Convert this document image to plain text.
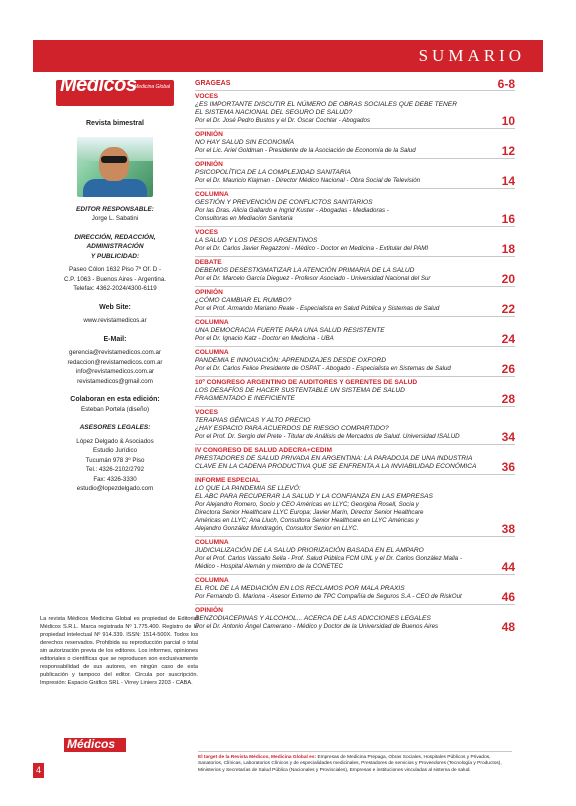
SUMARIO
Médicos
Medicina Global
Revista bimestral
EDITOR RESPONSABLE:
Jorge L. Sabatini
DIRECCIÓN, REDACCIÓN,
ADMINISTRACIÓN
Y PUBLICIDAD:
Paseo Cólon 1632 Piso 7º Of. D -
C.P. 1063 - Buenos Aires - Argentina.
Telefax: 4362-2024/4300-6119
Web Site:
www.revistamedicos.ar
E-Mail:
gerencia@revistamedicos.com.ar
redaccion@revistamedicos.com.ar
info@revistamedicos.com.ar
revistamedicos@gmail.com
Colaboran en esta edición:
Esteban Portela (diseño)
ASESORES LEGALES:
López Delgado & Asociados
Estudio Jurídico
Tucumán 978 3º Piso
Tel.: 4326-2102/2792
Fax: 4326-3330
estudio@lopezdelgado.com
La revista Médicos Medicina Global es propiedad de Editorial Médicos S.R.L. Marca registrada Nº 1.775.400. Registro de la propiedad intelectual Nº 914.339. ISSN: 1514-500X. Todos los derechos reservados. Prohibida su reproducción parcial o total sin autorización previa de los editores. Los informes, opiniones editoriales o científicas que se reproducen son exclusivamente responsabilidad de sus autores, en ningún caso de esta publicación y tampoco del editor. Circula por suscripción. Impresión: Espacio Gráfico SRL - Virrey Liniers 2203 - CABA.
Médicos
4
GRAGEAS	6-8
VOCES
¿ES IMPORTANTE DISCUTIR EL NÚMERO DE OBRAS SOCIALES QUE DEBE TENER
EL SISTEMA NACIONAL DEL SEGURO DE SALUD?
Por el Dr. José Pedro Bustos y el Dr. Oscar Cochlar - Abogados	10
OPINIÓN
NO HAY SALUD SIN ECONOMÍA
Por el Lic. Ariel Goldman - Presidente de la Asociación de Economía de la Salud	12
OPINIÓN
PSICOPOLÍTICA DE LA COMPLEJIDAD SANITARIA
Por el Dr. Mauricio Klajman - Director Médico Nacional - Obra Social de Televisión	14
COLUMNA
GESTIÓN Y PREVENCIÓN DE CONFLICTOS SANITARIOS
Por las Dras. Alicia Gallardo e Ingrid Kuster - Abogadas - Mediadoras -
Consultoras en Mediación Sanitaria	16
VOCES
LA SALUD Y LOS PESOS ARGENTINOS
Por el Dr. Carlos Javier Regazzoni - Médico - Doctor en Medicina - Extitular del PAMI	18
DEBATE
DEBEMOS DESESTIGMATIZAR LA ATENCIÓN PRIMARIA DE LA SALUD
Por el Dr. Marcelo García Dieguez - Profesor Asociado - Universidad Nacional del Sur	20
OPINIÓN
¿CÓMO CAMBIAR EL RUMBO?
Por el Prof. Armando Mariano Reale - Especialista en Salud Pública y Sistemas de Salud	22
COLUMNA
UNA DEMOCRACIA FUERTE PARA UNA SALUD RESISTENTE
Por el Dr. Ignacio Katz - Doctor en Medicina - UBA	24
COLUMNA
PANDEMIA E INNOVACIÓN: APRENDIZAJES DESDE OXFORD
Por el Dr. Carlos Felice Presidente de OSPAT - Abogado - Especialista en Sistemas de Salud	26
10º CONGRESO ARGENTINO DE AUDITORES Y GERENTES DE SALUD
LOS DESAFÍOS DE HACER SUSTENTABLE UN SISTEMA DE SALUD
FRAGMENTADO E INEFICIENTE	28
VOCES
TERAPIAS GÉNICAS Y ALTO PRECIO
¿HAY ESPACIO PARA ACUERDOS DE RIESGO COMPARTIDO?
Por el Prof. Dr. Sergio del Prete - Titular de Análisis de Mercados de Salud. Universidad ISALUD	34
IV CONGRESO DE SALUD ADECRA+CEDIM
PRESTADORES DE SALUD PRIVADA EN ARGENTINA: LA PARADOJA DE UNA INDUSTRIA
CLAVE EN LA CADENA PRODUCTIVA QUE SE ENFRENTA A LA INVIABILIDAD ECONÓMICA	36
INFORME ESPECIAL
LO QUE LA PANDEMIA SE LLEVÓ:
EL ABC PARA RECUPERAR LA SALUD Y LA CONFIANZA EN LAS EMPRESAS
Por Alejandro Romero, Socio y CEO Américas en LLYC; Georgina Rosell, Socia y
Directora Senior Healthcare LLYC Europa; Javier Marín, Director Senior Healthcare
Américas en LLYC; Ana Lluch, Consultora Senior Healthcare en LLYC Américas y
Alejandro González Mondragón, Consultor Senior en LLYC.	38
COLUMNA
JUDICIALIZACIÓN DE LA SALUD PRIORIZACIÓN BASADA EN EL AMPARO
Por el Prof. Carlos Vassallo Sella - Prof. Salud Pública FCM UNL y el Dr. Carlos González Malla -
Médico - Hospital Alemán y miembro de la CONETEC	44
COLUMNA
EL ROL DE LA MEDIACIÓN EN LOS RECLAMOS POR MALA PRAXIS
Por Fernando G. Mariona - Asesor Externo de TPC Compañía de Seguros S.A - CEO de RiskOut	46
OPINIÓN
BENZODIACEPINAS Y ALCOHOL... ACERCA DE LAS ADICCIONES LEGALES
Por el Dr. Antonio Ángel Camerano - Médico y Doctor de la Universidad de Buenos Aires	48
El target de la Revista Médicos, Medicina Global es: Empresas de Medicina Prepaga, Obras Sociales, Hospitales Públicos y Privados, Sanatorios, Clínicas, Laboratorios Clínicos y de especialidades medicinales, Prestadores de servicios y Proveedores (Tecnología y Productos), Ministerios y Secretarías de Salud Pública (Nacionales y Provinciales), Empresas e instituciones vinculadas al sistema de salud.
